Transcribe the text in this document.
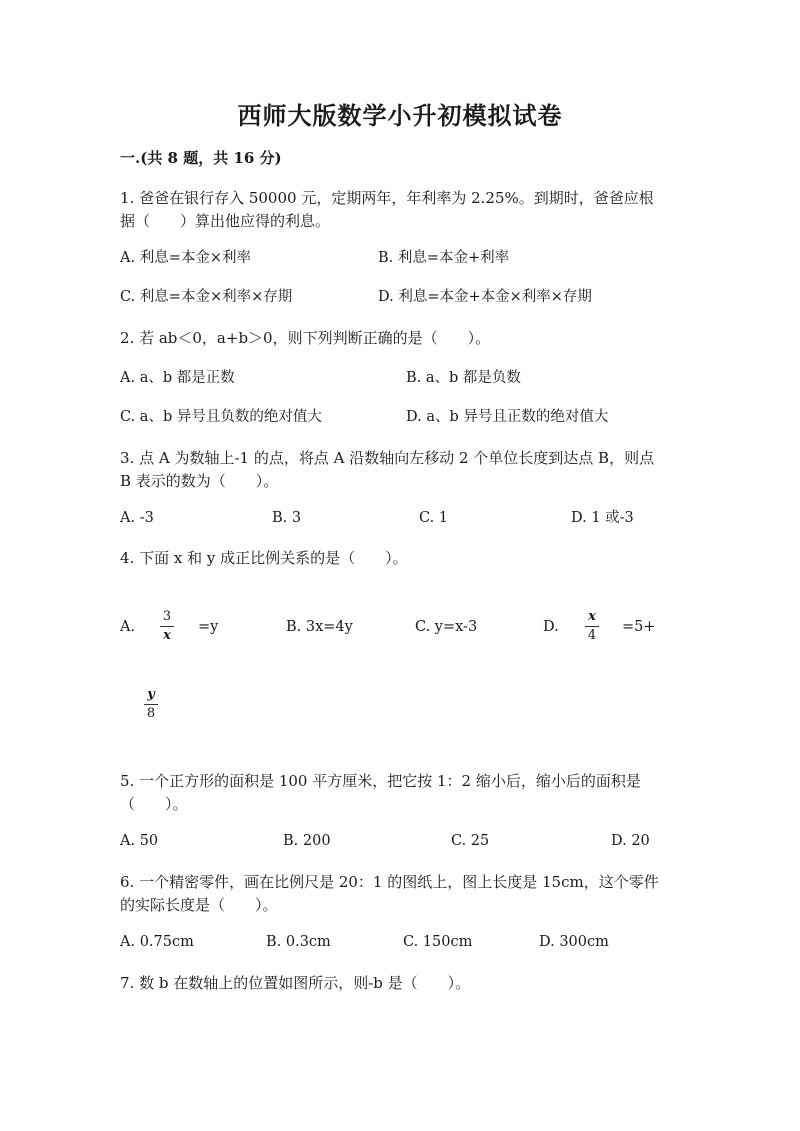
西师大版数学小升初模拟试卷
一.(共 8 题，共 16 分)
1. 爸爸在银行存入 50000 元，定期两年，年利率为 2.25%。到期时，爸爸应根
据（　　）算出他应得的利息。
A. 利息=本金×利率	B. 利息=本金+利率
C. 利息=本金×利率×存期	D. 利息=本金+本金×利率×存期
2. 若 ab＜0，a+b＞0，则下列判断正确的是（　　）。
A. a、b 都是正数	B. a、b 都是负数
C. a、b 异号且负数的绝对值大	D. a、b 异号且正数的绝对值大
3. 点 A 为数轴上-1 的点，将点 A 沿数轴向左移动 2 个单位长度到达点 B，则点
B 表示的数为（　　）。
A. -3	B. 3	C. 1	D. 1 或-3
4. 下面 x 和 y 成正比例关系的是（　　）。
A.
3
x
=y	B. 3x=4y	C. y=x-3	D.
x
4
=5+
y
8
5. 一个正方形的面积是 100 平方厘米，把它按 1：2 缩小后，缩小后的面积是
（　　）。
A. 50	B. 200	C. 25	D. 20
6. 一个精密零件，画在比例尺是 20：1 的图纸上，图上长度是 15cm，这个零件
的实际长度是（　　）。
A. 0.75cm	B. 0.3cm	C. 150cm	D. 300cm
7. 数 b 在数轴上的位置如图所示，则-b 是（　　）。
